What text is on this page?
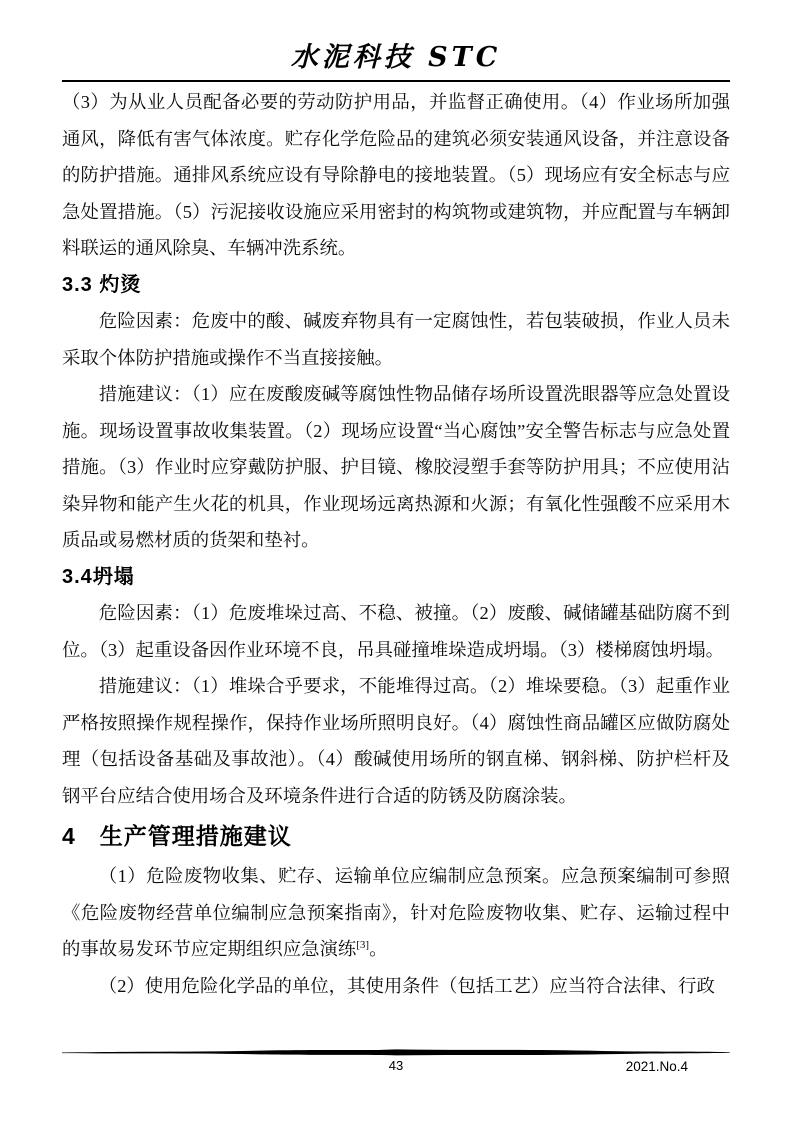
水泥科技 STC

（3）为从业人员配备必要的劳动防护用品，并监督正确使用。（4）作业场所加强通风，降低有害气体浓度。贮存化学危险品的建筑必须安装通风设备，并注意设备的防护措施。通排风系统应设有导除静电的接地装置。（5）现场应有安全标志与应急处置措施。（5）污泥接收设施应采用密封的构筑物或建筑物，并应配置与车辆卸料联运的通风除臭、车辆冲洗系统。

3.3 灼烫

危险因素：危废中的酸、碱废弃物具有一定腐蚀性，若包装破损，作业人员未采取个体防护措施或操作不当直接接触。

措施建议：（1）应在废酸废碱等腐蚀性物品储存场所设置洗眼器等应急处置设施。现场设置事故收集装置。（2）现场应设置“当心腐蚀”安全警告标志与应急处置措施。（3）作业时应穿戴防护服、护目镜、橡胶浸塑手套等防护用具；不应使用沾染异物和能产生火花的机具，作业现场远离热源和火源；有氧化性强酸不应采用木质品或易燃材质的货架和垫衬。

3.4坍塌

危险因素：（1）危废堆垛过高、不稳、被撞。（2）废酸、碱储罐基础防腐不到位。（3）起重设备因作业环境不良，吊具碰撞堆垛造成坍塌。（3）楼梯腐蚀坍塌。

措施建议：（1）堆垛合乎要求，不能堆得过高。（2）堆垛要稳。（3）起重作业严格按照操作规程操作，保持作业场所照明良好。（4）腐蚀性商品罐区应做防腐处理（包括设备基础及事故池）。（4）酸碱使用场所的钢直梯、钢斜梯、防护栏杆及钢平台应结合使用场合及环境条件进行合适的防锈及防腐涂装。

4　生产管理措施建议

（1）危险废物收集、贮存、运输单位应编制应急预案。应急预案编制可参照《危险废物经营单位编制应急预案指南》，针对危险废物收集、贮存、运输过程中的事故易发环节应定期组织应急演练[3]。

（2）使用危险化学品的单位，其使用条件（包括工艺）应当符合法律、行政

43	2021.No.4
